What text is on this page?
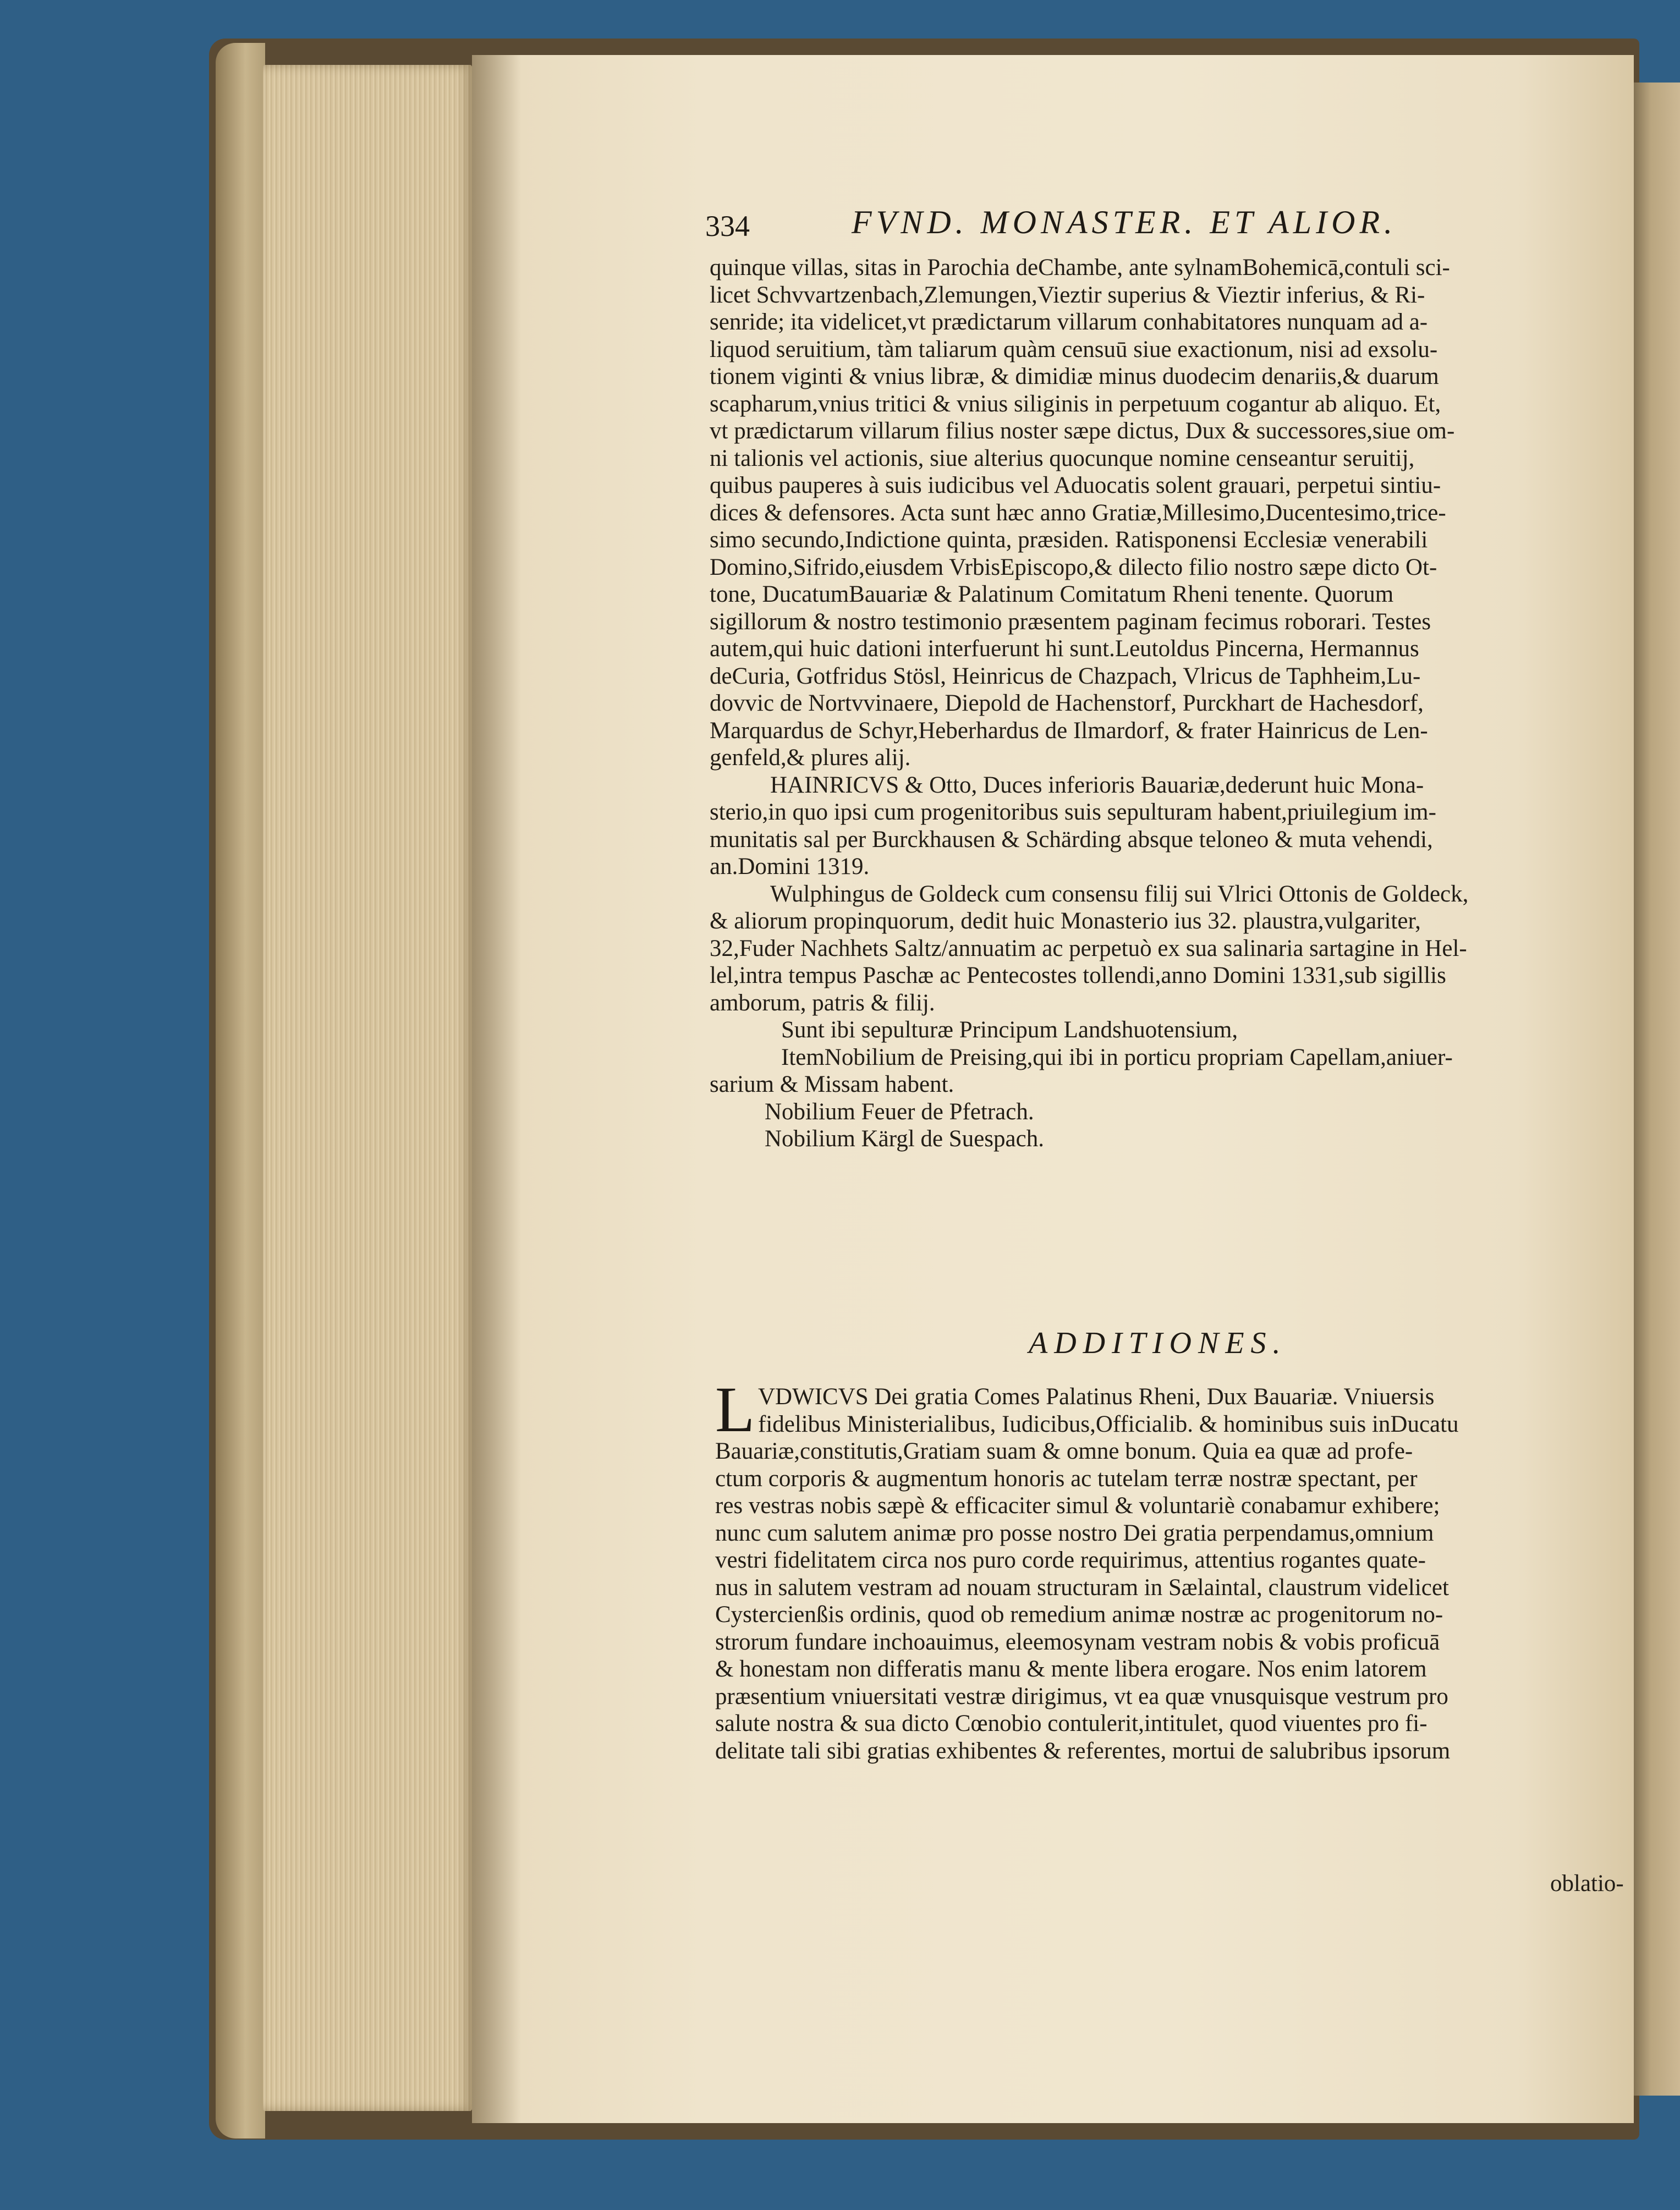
334	FVND. MONASTER. ET ALIOR.
quinque villas, sitas in Parochia deChambe, ante sylnamBohemicā,contuli sci-
licet Schvvartzenbach,Zlemungen,Vieztir superius & Vieztir inferius, & Ri-
senride; ita videlicet,vt prædictarum villarum conhabitatores nunquam ad a-
liquod seruitium, tàm taliarum quàm censuū siue exactionum, nisi ad exsolu-
tionem viginti & vnius libræ, & dimidiæ minus duodecim denariis,& duarum
scapharum,vnius tritici & vnius siliginis in perpetuum cogantur ab aliquo. Et,
vt prædictarum villarum filius noster sæpe dictus, Dux & successores,siue om-
ni talionis vel actionis, siue alterius quocunque nomine censeantur seruitij,
quibus pauperes à suis iudicibus vel Aduocatis solent grauari, perpetui sintiu-
dices & defensores. Acta sunt hæc anno Gratiæ,Millesimo,Ducentesimo,trice-
simo secundo,Indictione quinta, præsiden. Ratisponensi Ecclesiæ venerabili
Domino,Sifrido,eiusdem VrbisEpiscopo,& dilecto filio nostro sæpe dicto Ot-
tone, DucatumBauariæ & Palatinum Comitatum Rheni tenente. Quorum
sigillorum & nostro testimonio præsentem paginam fecimus roborari. Testes
autem,qui huic dationi interfuerunt hi sunt.Leutoldus Pincerna, Hermannus
deCuria, Gotfridus Stösl, Heinricus de Chazpach, Vlricus de Taphheim,Lu-
dovvic de Nortvvinaere, Diepold de Hachenstorf, Purckhart de Hachesdorf,
Marquardus de Schyr,Heberhardus de Ilmardorf, & frater Hainricus de Len-
genfeld,& plures alij.
HAINRICVS & Otto, Duces inferioris Bauariæ,dederunt huic Mona-
sterio,in quo ipsi cum progenitoribus suis sepulturam habent,priuilegium im-
munitatis sal per Burckhausen & Schärding absque teloneo & muta vehendi,
an.Domini 1319.
Wulphingus de Goldeck cum consensu filij sui Vlrici Ottonis de Goldeck,
& aliorum propinquorum, dedit huic Monasterio ius 32. plaustra,vulgariter,
32,Fuder Nachhets Saltz/annuatim ac perpetuò ex sua salinaria sartagine in Hel-
lel,intra tempus Paschæ ac Pentecostes tollendi,anno Domini 1331,sub sigillis
amborum, patris & filij.
Sunt ibi sepulturæ Principum Landshuotensium,
ItemNobilium de Preising,qui ibi in porticu propriam Capellam,aniuer-
sarium & Missam habent.
Nobilium Feuer de Pfetrach.
Nobilium Kärgl de Suespach.
ADDITIONES.
L VDWICVS Dei gratia Comes Palatinus Rheni, Dux Bauariæ. Vniuersis
fidelibus Ministerialibus, Iudicibus,Officialib. & hominibus suis inDucatu
Bauariæ,constitutis,Gratiam suam & omne bonum. Quia ea quæ ad profe-
ctum corporis & augmentum honoris ac tutelam terræ nostræ spectant, per
res vestras nobis sæpè & efficaciter simul & voluntariè conabamur exhibere;
nunc cum salutem animæ pro posse nostro Dei gratia perpendamus,omnium
vestri fidelitatem circa nos puro corde requirimus, attentius rogantes quate-
nus in salutem vestram ad nouam structuram in Sælaintal, claustrum videlicet
Cystercienßis ordinis, quod ob remedium animæ nostræ ac progenitorum no-
strorum fundare inchoauimus, eleemosynam vestram nobis & vobis proficuā
& honestam non differatis manu & mente libera erogare. Nos enim latorem
præsentium vniuersitati vestræ dirigimus, vt ea quæ vnusquisque vestrum pro
salute nostra & sua dicto Cœnobio contulerit,intitulet, quod viuentes pro fi-
delitate tali sibi gratias exhibentes & referentes, mortui de salubribus ipsorum
oblatio-
